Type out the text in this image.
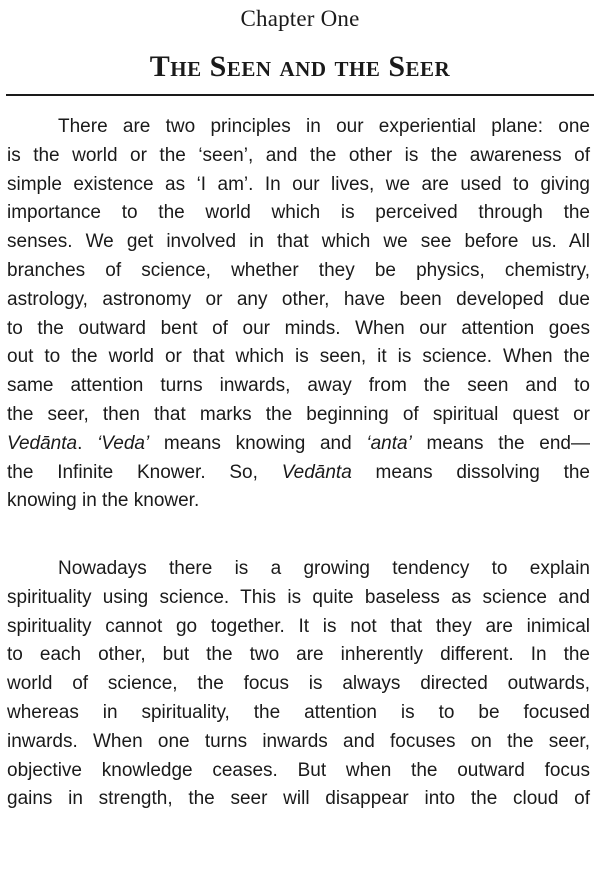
Chapter One
The Seen and the Seer
There are two principles in our experiential plane: one
is the world or the ‘seen’, and the other is the awareness of
simple existence as ‘I am’. In our lives, we are used to giving
importance to the world which is perceived through the
senses. We get involved in that which we see before us. All
branches of science, whether they be physics, chemistry,
astrology, astronomy or any other, have been developed due
to the outward bent of our minds. When our attention goes
out to the world or that which is seen, it is science. When the
same attention turns inwards, away from the seen and to
the seer, then that marks the beginning of spiritual quest or
Vedānta. ‘Veda’ means knowing and ‘anta’ means the end—
the Infinite Knower. So, Vedānta means dissolving the
knowing in the knower.
Nowadays there is a growing tendency to explain
spirituality using science. This is quite baseless as science and
spirituality cannot go together. It is not that they are inimical
to each other, but the two are inherently different. In the
world of science, the focus is always directed outwards,
whereas in spirituality, the attention is to be focused
inwards. When one turns inwards and focuses on the seer,
objective knowledge ceases. But when the outward focus
gains in strength, the seer will disappear into the cloud of
